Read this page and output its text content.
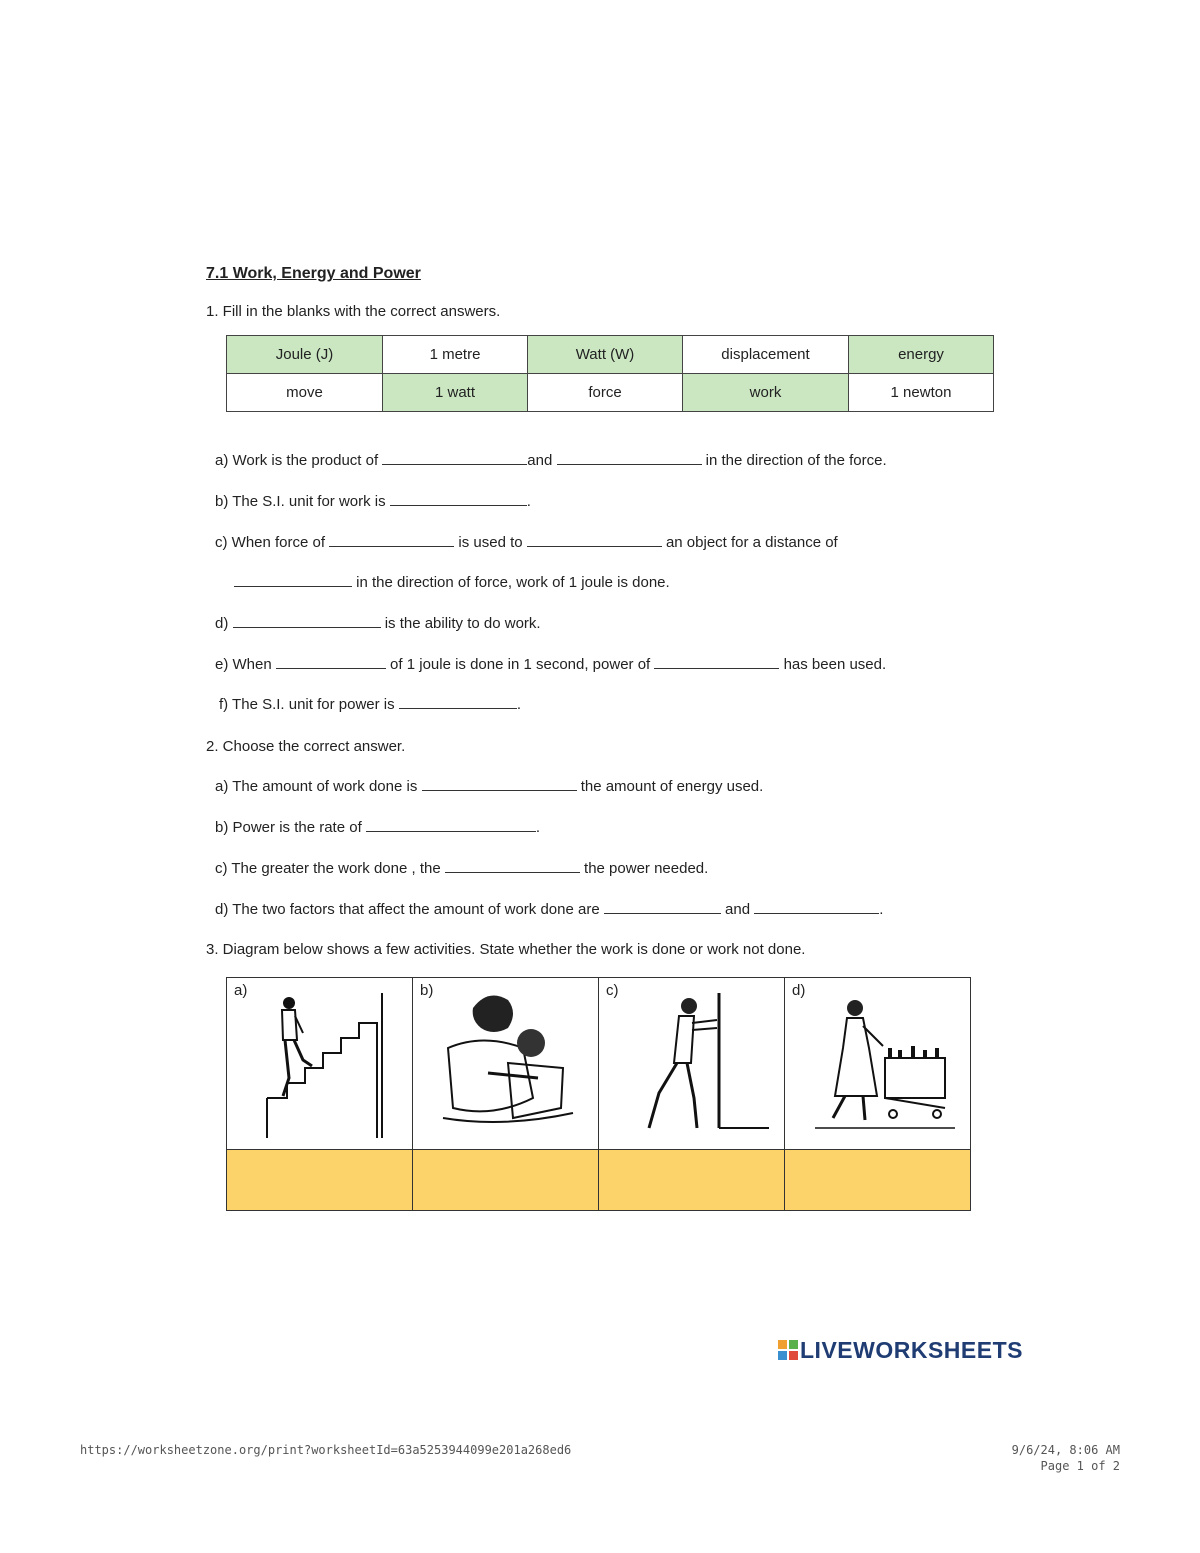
7.1 Work, Energy and Power
1. Fill in the blanks with the correct answers.
Joule (J)	1 metre	Watt (W)	displacement	energy
move	1 watt	force	work	1 newton
a) Work is the product of	and	in the direction of the force.
b) The S.I. unit for work is	.
c) When force of	is used to	an object for a distance of
in the direction of force, work of 1 joule is done.
d)	is the ability to do work.
e) When	of 1 joule is done in 1 second, power of	has been used.
f) The S.I. unit for power is	.
2. Choose the correct answer.
a) The amount of work done is	the amount of energy used.
b) Power is the rate of	.
c) The greater the work done , the	the power needed.
d) The two factors that affect the amount of work done are	and	.
3. Diagram below shows a few activities. State whether the work is done or work not done.
a)	b)	c)	d)

LIVEWORKSHEETS
https://worksheetzone.org/print?worksheetId=63a5253944099e201a268ed6	9/6/24, 8:06 AM
Page 1 of 2
